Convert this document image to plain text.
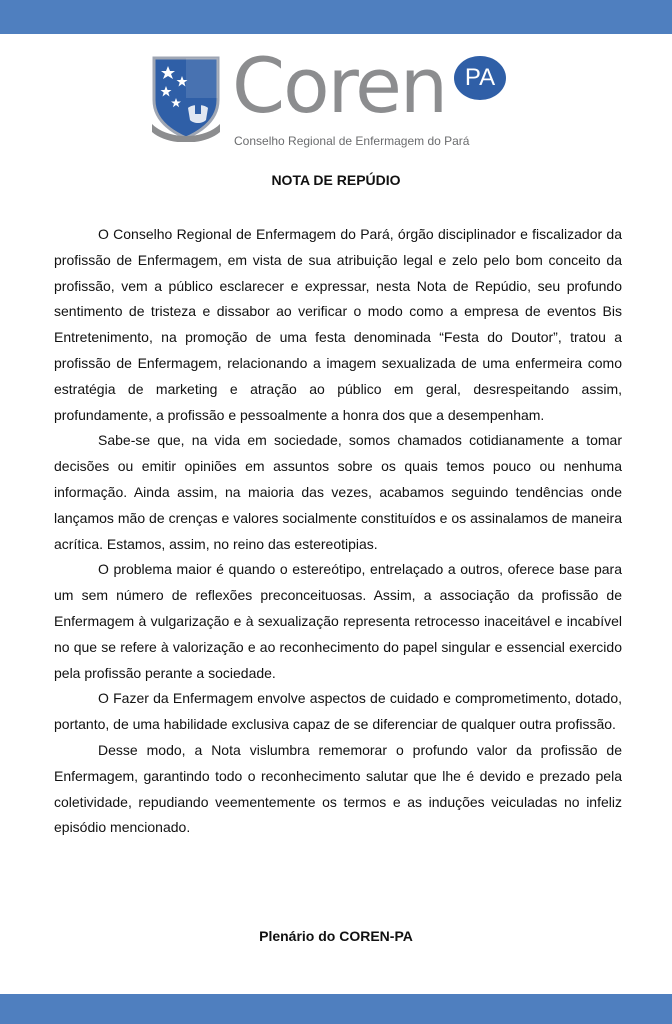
Coren PA
Conselho Regional de Enfermagem do Pará
NOTA DE REPÚDIO

O Conselho Regional de Enfermagem do Pará, órgão disciplinador e fiscalizador da profissão de Enfermagem, em vista de sua atribuição legal e zelo pelo bom conceito da profissão, vem a público esclarecer e expressar, nesta Nota de Repúdio, seu profundo sentimento de tristeza e dissabor ao verificar o modo como a empresa de eventos Bis Entretenimento, na promoção de uma festa denominada “Festa do Doutor”, tratou a profissão de Enfermagem, relacionando a imagem sexualizada de uma enfermeira como estratégia de marketing e atração ao público em geral, desrespeitando assim, profundamente, a profissão e pessoalmente a honra dos que a desempenham.

Sabe-se que, na vida em sociedade, somos chamados cotidianamente a tomar decisões ou emitir opiniões em assuntos sobre os quais temos pouco ou nenhuma informação. Ainda assim, na maioria das vezes, acabamos seguindo tendências onde lançamos mão de crenças e valores socialmente constituídos e os assinalamos de maneira acrítica. Estamos, assim, no reino das estereotipias.

O problema maior é quando o estereótipo, entrelaçado a outros, oferece base para um sem número de reflexões preconceituosas. Assim, a associação da profissão de Enfermagem à vulgarização e à sexualização representa retrocesso inaceitável e incabível no que se refere à valorização e ao reconhecimento do papel singular e essencial exercido pela profissão perante a sociedade.

O Fazer da Enfermagem envolve aspectos de cuidado e comprometimento, dotado, portanto, de uma habilidade exclusiva capaz de se diferenciar de qualquer outra profissão.

Desse modo, a Nota vislumbra rememorar o profundo valor da profissão de Enfermagem, garantindo todo o reconhecimento salutar que lhe é devido e prezado pela coletividade, repudiando veementemente os termos e as induções veiculadas no infeliz episódio mencionado.

Plenário do COREN-PA
